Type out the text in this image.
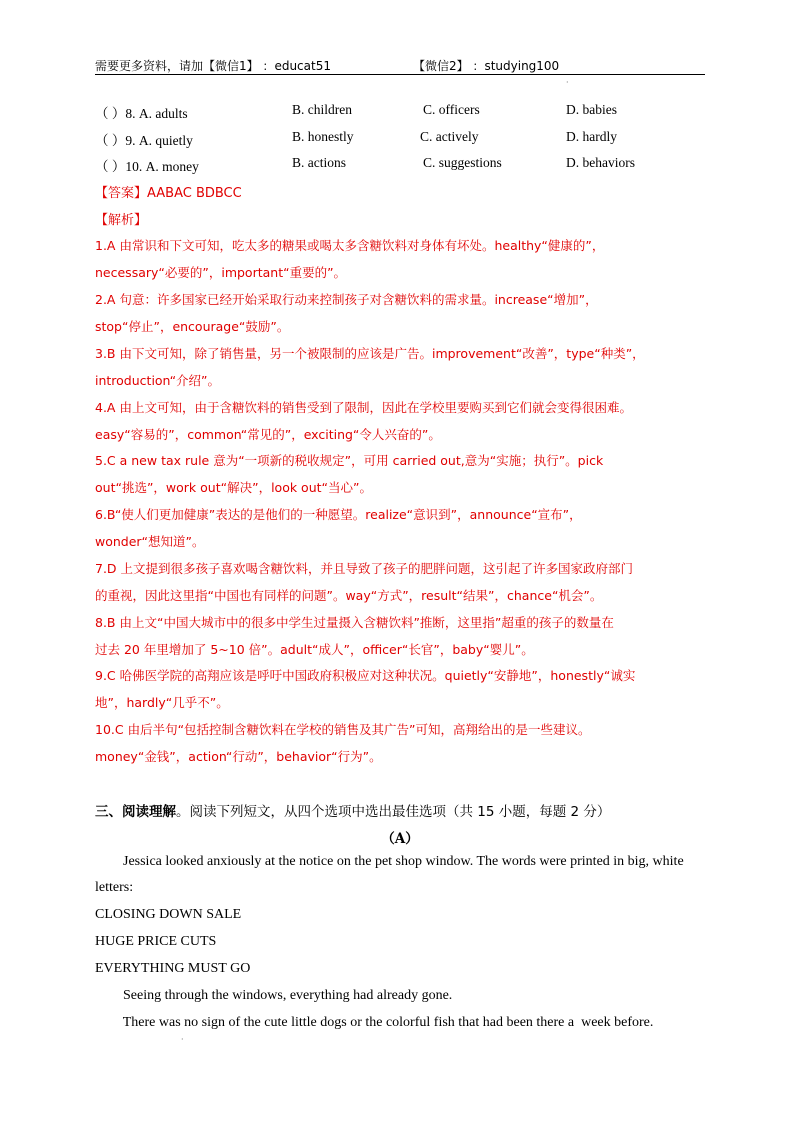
需要更多资料，请加【微信1】 ：educat51	【微信2】 ：studying100
·
（ ）8. A. adults	B. children	C. officers	D. babies
（ ）9. A. quietly	B. honestly	C. actively	D. hardly
（ ）10. A. money	B. actions	C. suggestions	D. behaviors
【答案】AABAC BDBCC
【解析】
1.A 由常识和下文可知，吃太多的糖果或喝太多含糖饮料对身体有坏处。healthy“健康的”，
necessary“必要的”，important“重要的”。
2.A 句意：许多国家已经开始采取行动来控制孩子对含糖饮料的需求量。increase“增加”，
stop“停止”，encourage“鼓励”。
3.B 由下文可知，除了销售量，另一个被限制的应该是广告。improvement“改善”，type“种类”，
introduction“介绍”。
4.A 由上文可知，由于含糖饮料的销售受到了限制，因此在学校里要购买到它们就会变得很困难。
easy“容易的”，common“常见的”，exciting“令人兴奋的”。
5.C a new tax rule 意为“一项新的税收规定”，可用 carried out,意为“实施；执行”。pick
out“挑选”，work out“解决”，look out“当心”。
6.B“使人们更加健康”表达的是他们的一种愿望。realize“意识到”，announce“宣布”，
wonder“想知道”。
7.D 上文提到很多孩子喜欢喝含糖饮料，并且导致了孩子的肥胖问题，这引起了许多国家政府部门
的重视，因此这里指“中国也有同样的问题”。way“方式”，result“结果”，chance“机会”。
8.B 由上文“中国大城市中的很多中学生过量摄入含糖饮料”推断，这里指”超重的孩子的数量在
过去 20 年里增加了 5~10 倍”。adult“成人”，officer“长官”，baby“婴儿”。
9.C 哈佛医学院的高翔应该是呼吁中国政府积极应对这种状况。quietly“安静地”，honestly“诚实
地”，hardly“几乎不”。
10.C 由后半句“包括控制含糖饮料在学校的销售及其广告”可知，高翔给出的是一些建议。
money“金钱”，action“行动”，behavior“行为”。
三、阅读理解。阅读下列短文，从四个选项中选出最佳选项（共 15 小题，每题 2 分）
（A）
Jessica looked anxiously at the notice on the pet shop window. The words were printed in big, white
letters:
CLOSING DOWN SALE
HUGE PRICE CUTS
EVERYTHING MUST GO
Seeing through the windows, everything had already gone.
There was no sign of the cute little dogs or the colorful fish that had been there a  week before.
·
